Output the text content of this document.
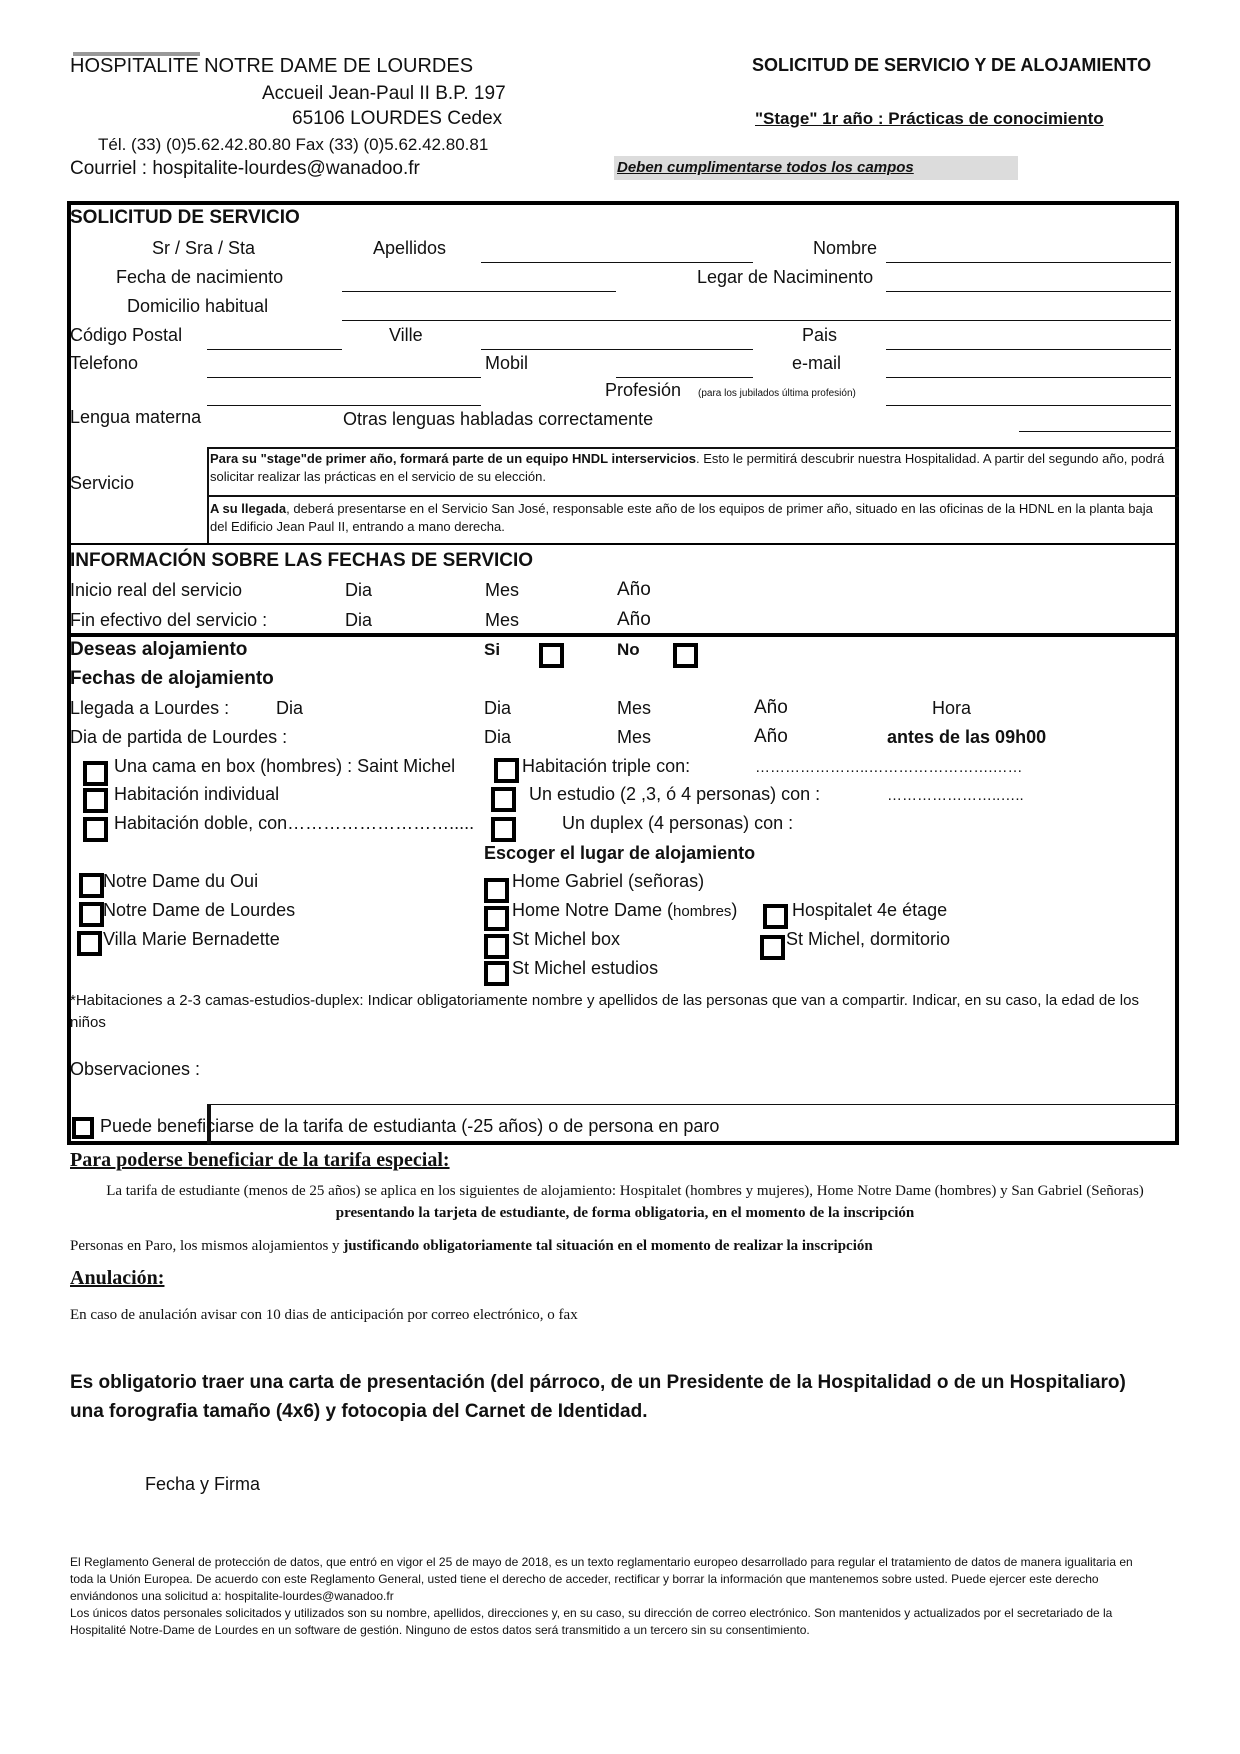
HOSPITALITE NOTRE DAME DE LOURDES
Accueil Jean-Paul II B.P. 197
65106 LOURDES Cedex
Tél. (33) (0)5.62.42.80.80 Fax (33) (0)5.62.42.80.81
Courriel : hospitalite-lourdes@wanadoo.fr
SOLICITUD DE SERVICIO Y DE ALOJAMIENTO
"Stage" 1r año : Prácticas de conocimiento
Deben cumplimentarse todos los campos
SOLICITUD DE SERVICIO
Sr / Sra / Sta	Apellidos	Nombre
Fecha de nacimiento	Legar de Naciminento
Domicilio habitual
Código Postal	Ville	Pais
Telefono	Mobil	e-mail
Profesión (para los jubilados última profesión)
Lengua materna	Otras lenguas habladas correctamente
Servicio
Para su "stage"de primer año, formará parte de un equipo HNDL interservicios. Esto le permitirá descubrir nuestra Hospitalidad. A partir del segundo año, podrá solicitar realizar las prácticas en el servicio de su elección.
A su llegada, deberá presentarse en el Servicio San José, responsable este año de los equipos de primer año, situado en las oficinas de la HDNL en la planta baja del Edificio Jean Paul II, entrando a mano derecha.
INFORMACIÓN SOBRE LAS FECHAS DE SERVICIO
Inicio real del servicio	Dia	Mes	Año
Fin efectivo del servicio :	Dia	Mes	Año
Deseas alojamiento	Si	No
Fechas de alojamiento
Llegada a Lourdes :	Dia	Dia	Mes	Año	Hora
Dia de partida de Lourdes :	Dia	Mes	Año	antes de las 09h00
Una cama en box (hombres) : Saint Michel
Habitación individual
Habitación doble, con……………………….....
Habitación triple con:	…………………..…………………….……
Un estudio (2 ,3, ó 4 personas) con :	…………………..…..
Un duplex (4 personas) con :
Escoger el lugar de alojamiento
Notre Dame du Oui
Notre Dame de Lourdes
Villa Marie Bernadette
Home Gabriel (señoras)
Home Notre Dame (hombres)
St Michel box
St Michel estudios
Hospitalet 4e étage
St Michel, dormitorio
*Habitaciones a 2-3 camas-estudios-duplex: Indicar obligatoriamente nombre y apellidos de las personas que van a compartir. Indicar, en su caso, la edad de los niños
Observaciones :
Puede beneficiarse de la tarifa de estudianta (-25 años) o de persona en paro
Para poderse beneficiar de la tarifa especial:
La tarifa de estudiante (menos de 25 años) se aplica en los siguientes de alojamiento: Hospitalet (hombres y mujeres), Home Notre Dame (hombres) y San Gabriel (Señoras) presentando la tarjeta de estudiante, de forma obligatoria, en el momento de la inscripción
Personas en Paro, los mismos alojamientos y justificando obligatoriamente tal situación en el momento de realizar la inscripción
Anulación:
En caso de anulación avisar con 10 dias de anticipación por correo electrónico, o fax
Es obligatorio traer una carta de presentación (del párroco, de un Presidente de la Hospitalidad o de un Hospitaliaro) una forografia tamaño (4x6) y fotocopia del Carnet de Identidad.
Fecha y Firma
El Reglamento General de protección de datos, que entró en vigor el 25 de mayo de 2018, es un texto reglamentario europeo desarrollado para regular el tratamiento de datos de manera igualitaria en toda la Unión Europea. De acuerdo con este Reglamento General, usted tiene el derecho de acceder, rectificar y borrar la información que mantenemos sobre usted. Puede ejercer este derecho enviándonos una solicitud a: hospitalite-lourdes@wanadoo.fr
Los únicos datos personales solicitados y utilizados son su nombre, apellidos, direcciones y, en su caso, su dirección de correo electrónico. Son mantenidos y actualizados por el secretariado de la Hospitalité Notre-Dame de Lourdes en un software de gestión. Ninguno de estos datos será transmitido a un tercero sin su consentimiento.
